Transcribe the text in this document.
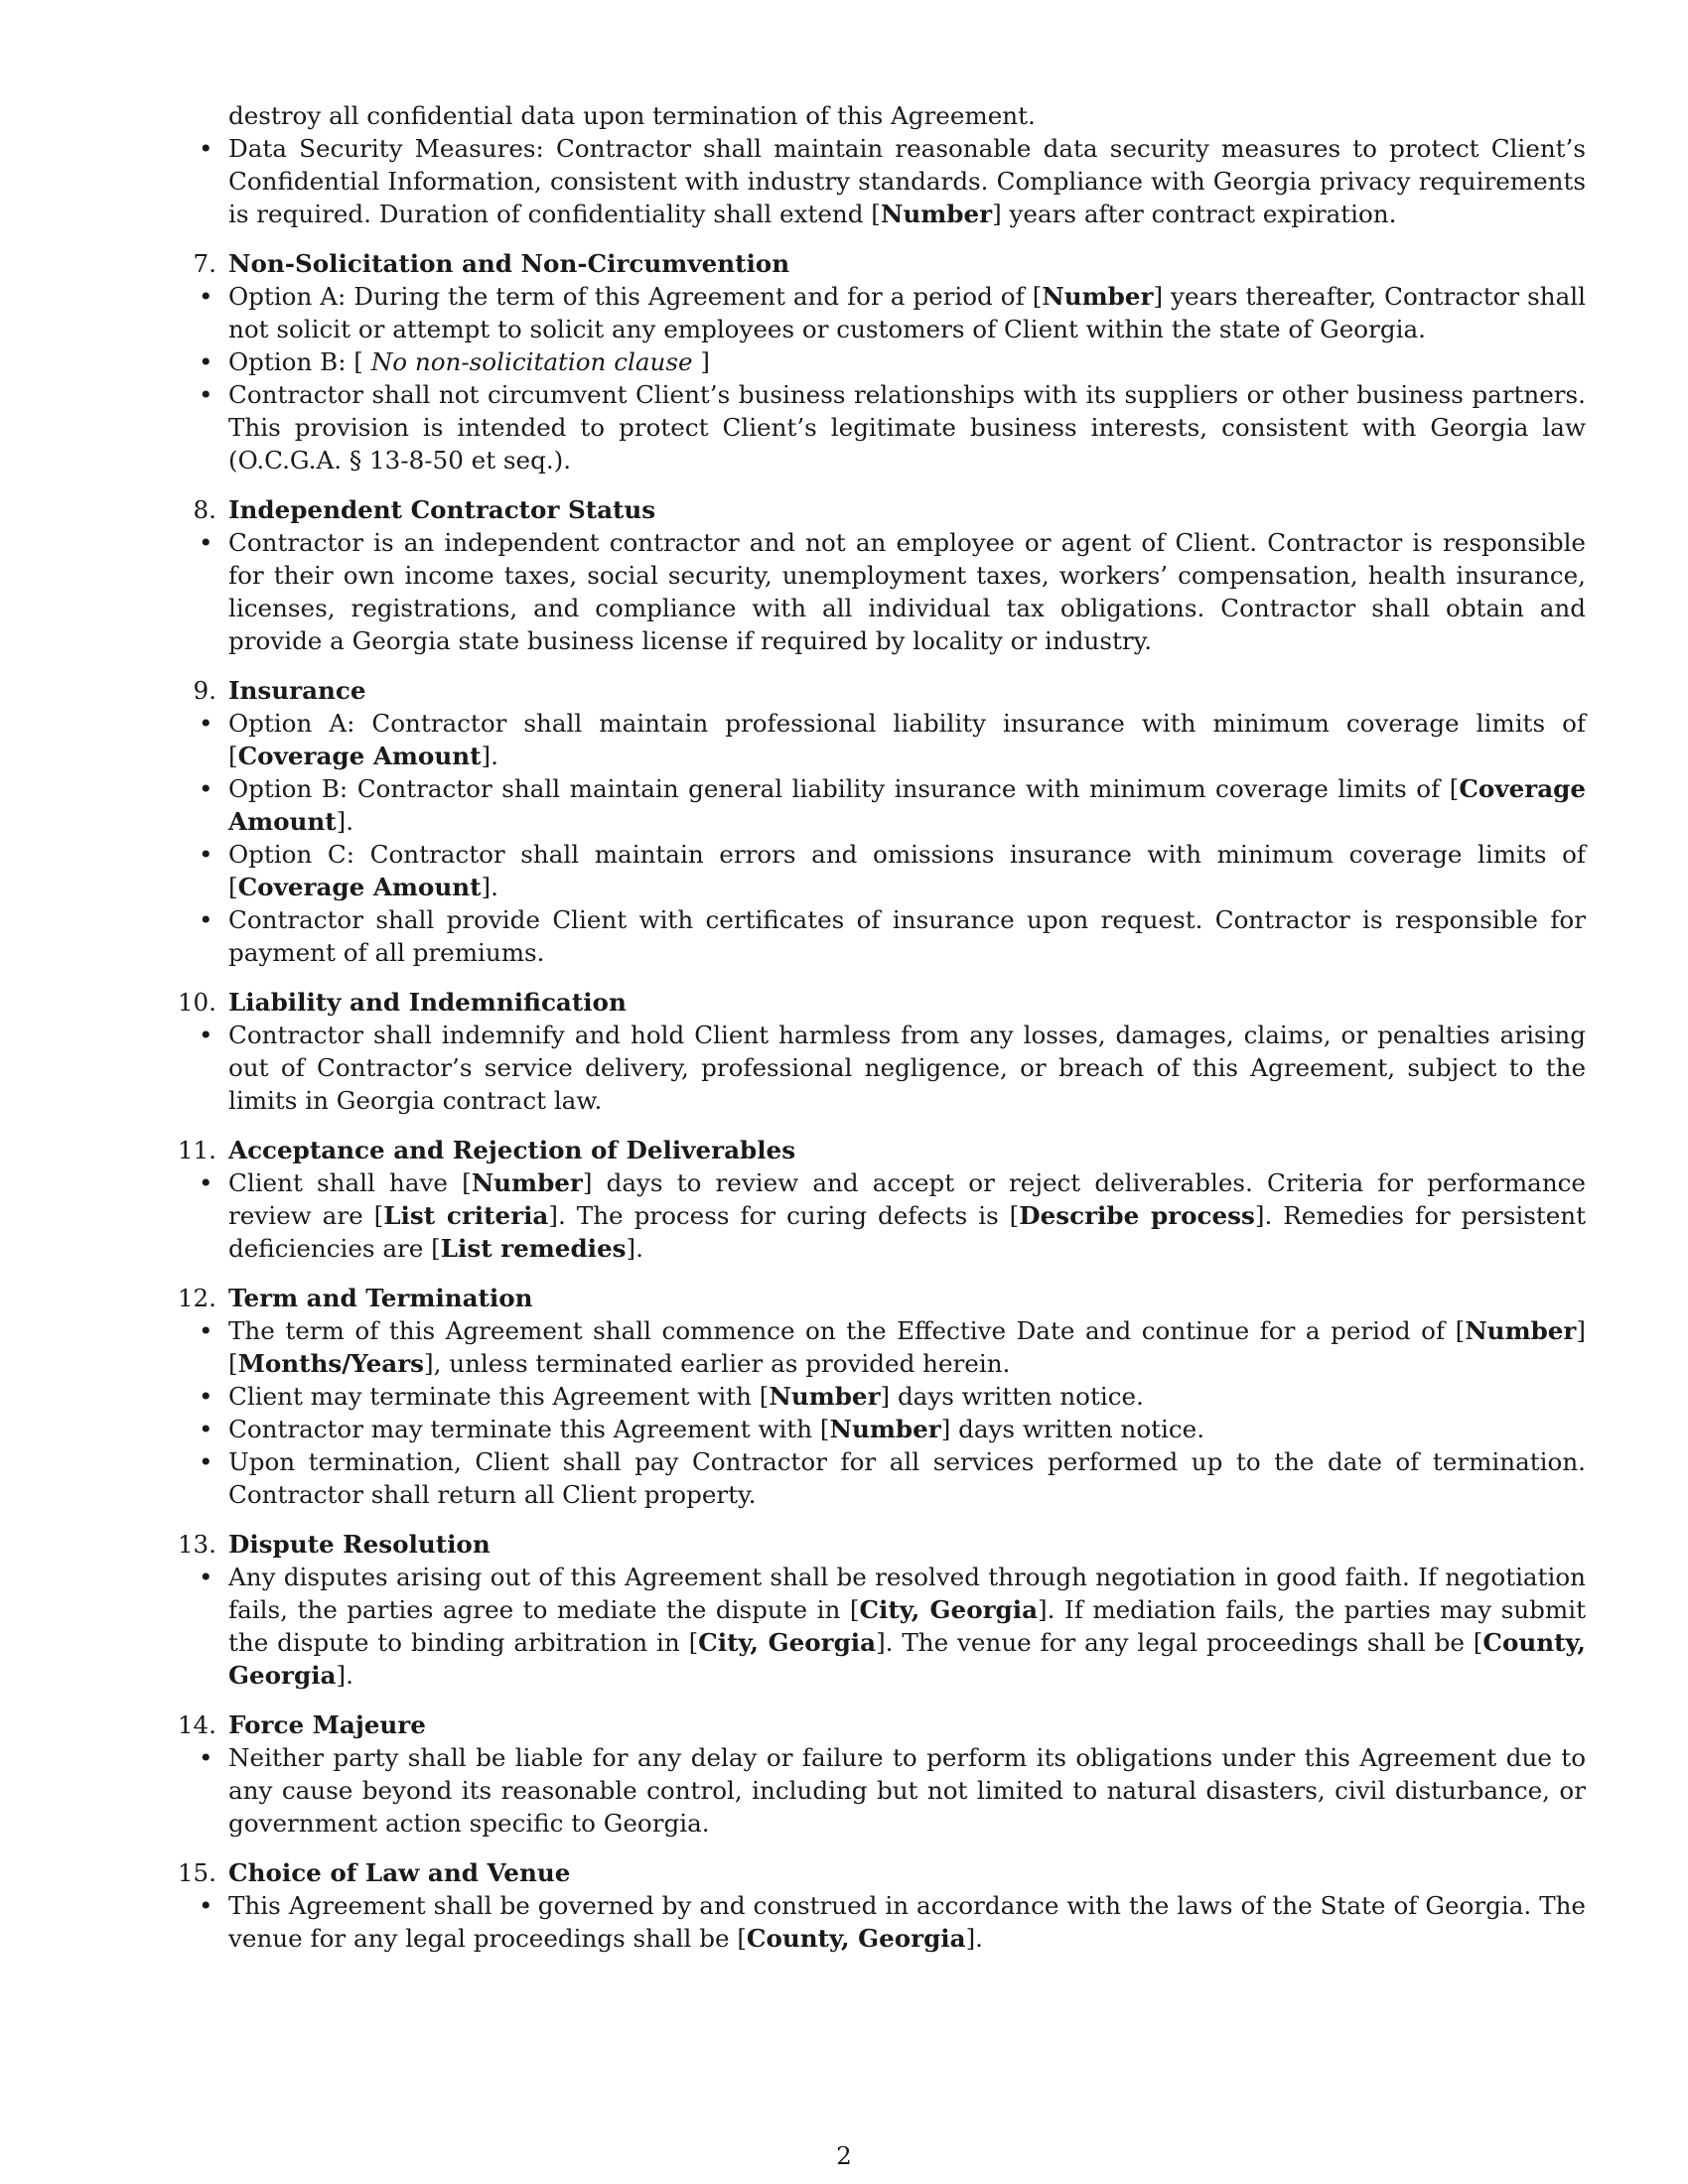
destroy all confidential data upon termination of this Agreement.

• Data Security Measures: Contractor shall maintain reasonable data security measures to protect Client’s Confidential Information, consistent with industry standards. Compliance with Georgia privacy requirements is required. Duration of confidentiality shall extend [Number] years after contract expiration.
7. Non-Solicitation and Non-Circumvention
• Option A: During the term of this Agreement and for a period of [Number] years thereafter, Contractor shall not solicit or attempt to solicit any employees or customers of Client within the state of Georgia.
• Option B: [ No non-solicitation clause ]
• Contractor shall not circumvent Client’s business relationships with its suppliers or other business partners. This provision is intended to protect Client’s legitimate business interests, consistent with Georgia law (O.C.G.A. § 13-8-50 et seq.).
8. Independent Contractor Status
• Contractor is an independent contractor and not an employee or agent of Client. Contractor is responsible for their own income taxes, social security, unemployment taxes, workers’ compensation, health insurance, licenses, registrations, and compliance with all individual tax obligations. Contractor shall obtain and provide a Georgia state business license if required by locality or industry.
9. Insurance
• Option A: Contractor shall maintain professional liability insurance with minimum coverage limits of [Coverage Amount].
• Option B: Contractor shall maintain general liability insurance with minimum coverage limits of [Coverage Amount].
• Option C: Contractor shall maintain errors and omissions insurance with minimum coverage limits of [Coverage Amount].
• Contractor shall provide Client with certificates of insurance upon request. Contractor is responsible for payment of all premiums.
10. Liability and Indemnification
• Contractor shall indemnify and hold Client harmless from any losses, damages, claims, or penalties arising out of Contractor’s service delivery, professional negligence, or breach of this Agreement, subject to the limits in Georgia contract law.
11. Acceptance and Rejection of Deliverables
• Client shall have [Number] days to review and accept or reject deliverables. Criteria for performance review are [List criteria]. The process for curing defects is [Describe process]. Remedies for persistent deficiencies are [List remedies].
12. Term and Termination
• The term of this Agreement shall commence on the Effective Date and continue for a period of [Number] [Months/Years], unless terminated earlier as provided herein.
• Client may terminate this Agreement with [Number] days written notice.
• Contractor may terminate this Agreement with [Number] days written notice.
• Upon termination, Client shall pay Contractor for all services performed up to the date of termination. Contractor shall return all Client property.
13. Dispute Resolution
• Any disputes arising out of this Agreement shall be resolved through negotiation in good faith. If negotiation fails, the parties agree to mediate the dispute in [City, Georgia]. If mediation fails, the parties may submit the dispute to binding arbitration in [City, Georgia]. The venue for any legal proceedings shall be [County, Georgia].
14. Force Majeure
• Neither party shall be liable for any delay or failure to perform its obligations under this Agreement due to any cause beyond its reasonable control, including but not limited to natural disasters, civil disturbance, or government action specific to Georgia.
15. Choice of Law and Venue
• This Agreement shall be governed by and construed in accordance with the laws of the State of Georgia. The venue for any legal proceedings shall be [County, Georgia].
2
